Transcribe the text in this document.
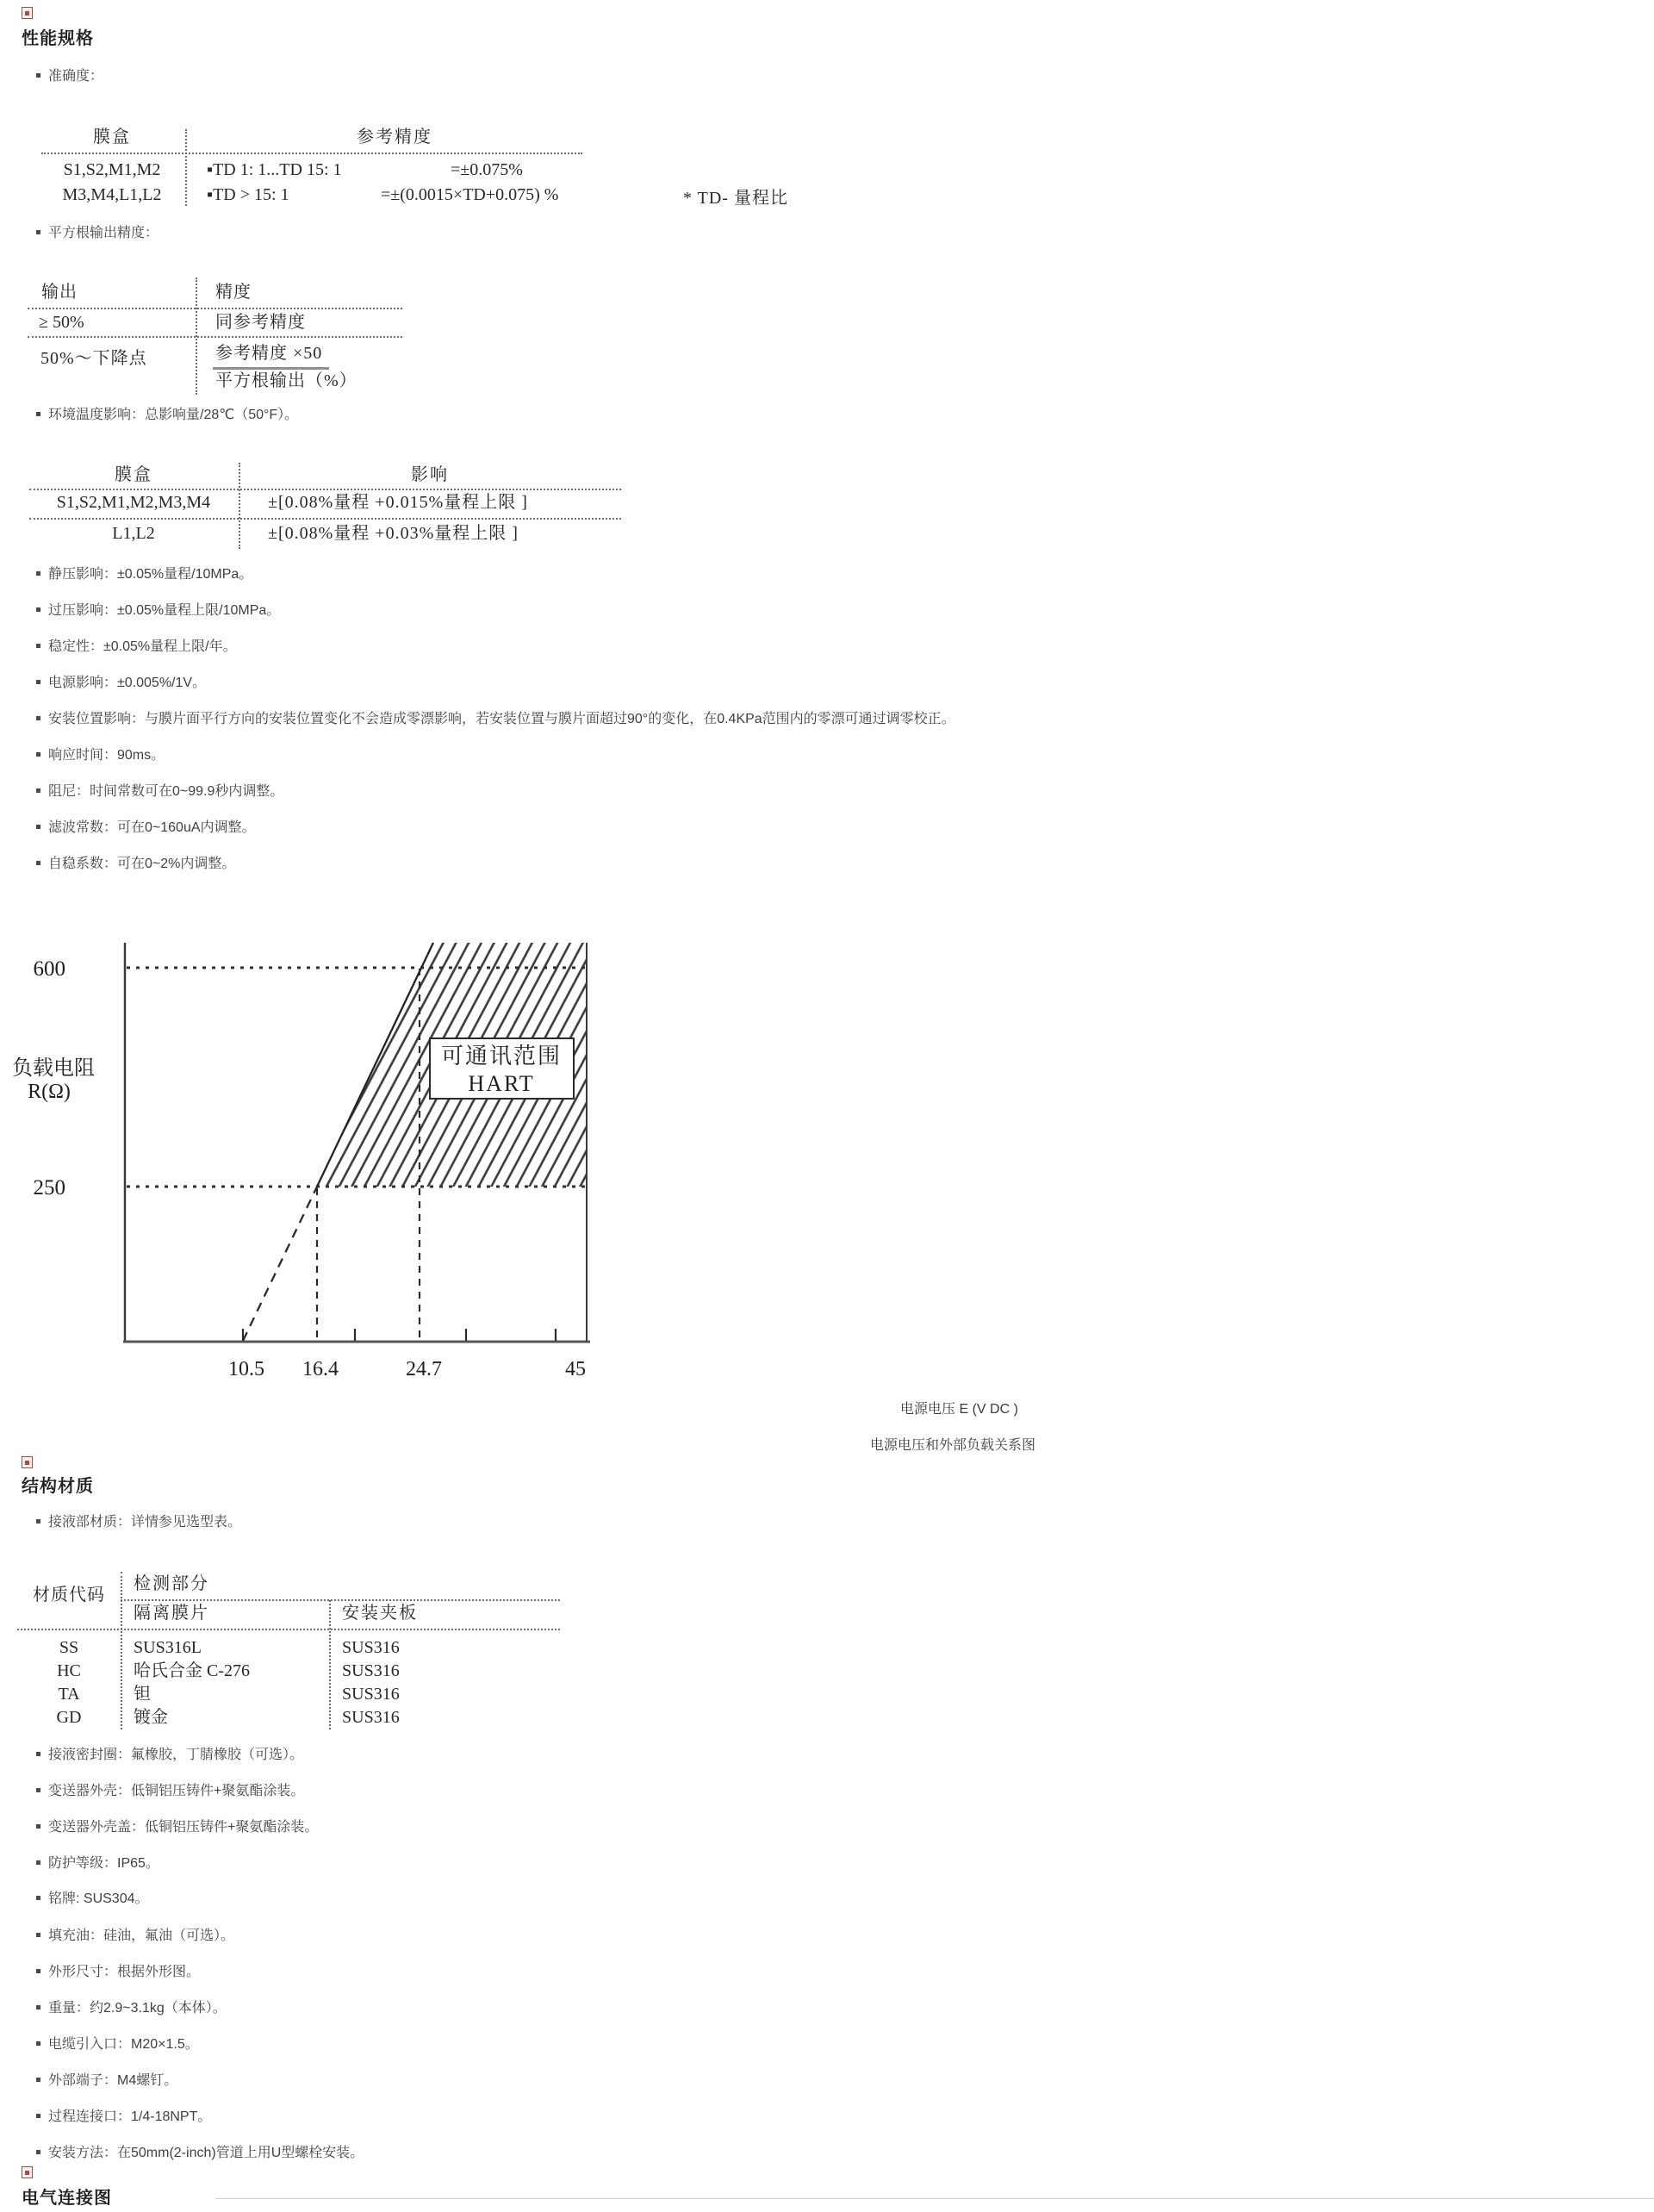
性能规格
准确度：
膜盒	参考精度
S1,S2,M1,M2	▪TD 1: 1...TD 15: 1	=±0.075%
M3,M4,L1,L2	▪TD > 15: 1	=±(0.0015×TD+0.075) %	* TD- 量程比
平方根输出精度：
输出	精度
≥ 50%	同参考精度
50%～下降点	参考精度 ×50
平方根输出（%）
环境温度影响：总影响量/28℃（50°F）。
膜盒	影响
S1,S2,M1,M2,M3,M4	±[0.08%量程 +0.015%量程上限 ]
L1,L2	±[0.08%量程 +0.03%量程上限 ]
静压影响：±0.05%量程/10MPa。
过压影响：±0.05%量程上限/10MPa。
稳定性：±0.05%量程上限/年。
电源影响：±0.005%/1V。
安装位置影响：与膜片面平行方向的安装位置变化不会造成零漂影响，若安装位置与膜片面超过90°的变化，在0.4KPa范围内的零漂可通过调零校正。
响应时间：90ms。
阻尼：时间常数可在0~99.9秒内调整。
滤波常数：可在0~160uA内调整。
自稳系数：可在0~2%内调整。
可通讯范围
HART
600
250
负载电阻
R(Ω)
10.5 16.4	24.7	45
电源电压 E (V DC )
电源电压和外部负载关系图
结构材质
接液部材质：详情参见选型表。
材质代码
检测部分
隔离膜片	安装夹板
SS	SUS316L	SUS316
HC	哈氏合金 C-276	SUS316
TA	钽	SUS316
GD	镀金	SUS316
接液密封圈：氟橡胶，丁腈橡胶（可选）。
变送器外壳：低铜铝压铸件+聚氨酯涂装。
变送器外壳盖：低铜铝压铸件+聚氨酯涂装。
防护等级：IP65。
铭牌: SUS304。
填充油：硅油，氟油（可选）。
外形尺寸：根据外形图。
重量：约2.9~3.1kg（本体）。
电缆引入口：M20×1.5。
外部端子：M4螺钉。
过程连接口：1/4-18NPT。
安装方法：在50mm(2-inch)管道上用U型螺栓安装。
电气连接图
